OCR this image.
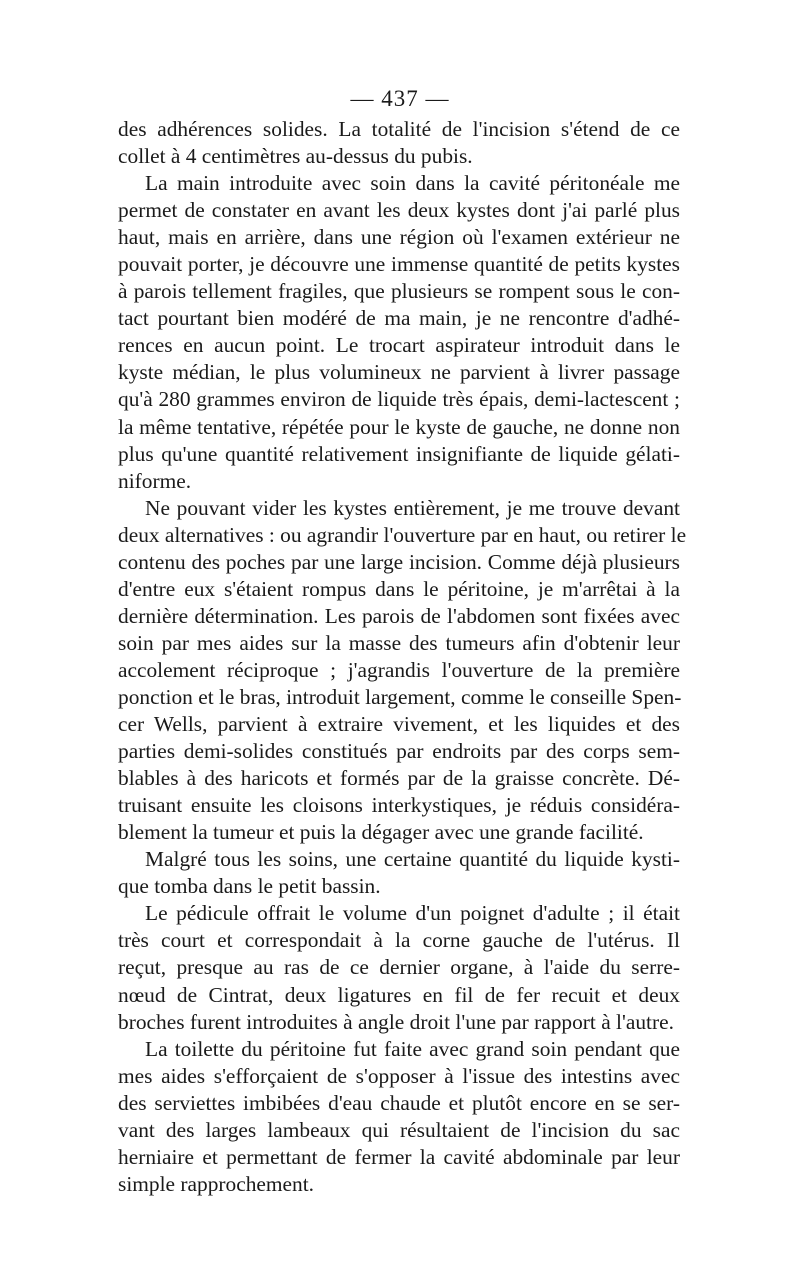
— 437 —
des adhérences solides. La totalité de l'incision s'étend de ce
collet à 4 centimètres au-dessus du pubis.
La main introduite avec soin dans la cavité péritonéale me
permet de constater en avant les deux kystes dont j'ai parlé plus
haut, mais en arrière, dans une région où l'examen extérieur ne
pouvait porter, je découvre une immense quantité de petits kystes
à parois tellement fragiles, que plusieurs se rompent sous le con-
tact pourtant bien modéré de ma main, je ne rencontre d'adhé-
rences en aucun point. Le trocart aspirateur introduit dans le
kyste médian, le plus volumineux ne parvient à livrer passage
qu'à 280 grammes environ de liquide très épais, demi-lactescent ;
la même tentative, répétée pour le kyste de gauche, ne donne non
plus qu'une quantité relativement insignifiante de liquide gélati-
niforme.
Ne pouvant vider les kystes entièrement, je me trouve devant
deux alternatives : ou agrandir l'ouverture par en haut, ou retirer le
contenu des poches par une large incision. Comme déjà plusieurs
d'entre eux s'étaient rompus dans le péritoine, je m'arrêtai à la
dernière détermination. Les parois de l'abdomen sont fixées avec
soin par mes aides sur la masse des tumeurs afin d'obtenir leur
accolement réciproque ; j'agrandis l'ouverture de la première
ponction et le bras, introduit largement, comme le conseille Spen-
cer Wells, parvient à extraire vivement, et les liquides et des
parties demi-solides constitués par endroits par des corps sem-
blables à des haricots et formés par de la graisse concrète. Dé-
truisant ensuite les cloisons interkystiques, je réduis considéra-
blement la tumeur et puis la dégager avec une grande facilité.
Malgré tous les soins, une certaine quantité du liquide kysti-
que tomba dans le petit bassin.
Le pédicule offrait le volume d'un poignet d'adulte ; il était
très court et correspondait à la corne gauche de l'utérus. Il
reçut, presque au ras de ce dernier organe, à l'aide du serre-
nœud de Cintrat, deux ligatures en fil de fer recuit et deux
broches furent introduites à angle droit l'une par rapport à l'autre.
La toilette du péritoine fut faite avec grand soin pendant que
mes aides s'efforçaient de s'opposer à l'issue des intestins avec
des serviettes imbibées d'eau chaude et plutôt encore en se ser-
vant des larges lambeaux qui résultaient de l'incision du sac
herniaire et permettant de fermer la cavité abdominale par leur
simple rapprochement.
